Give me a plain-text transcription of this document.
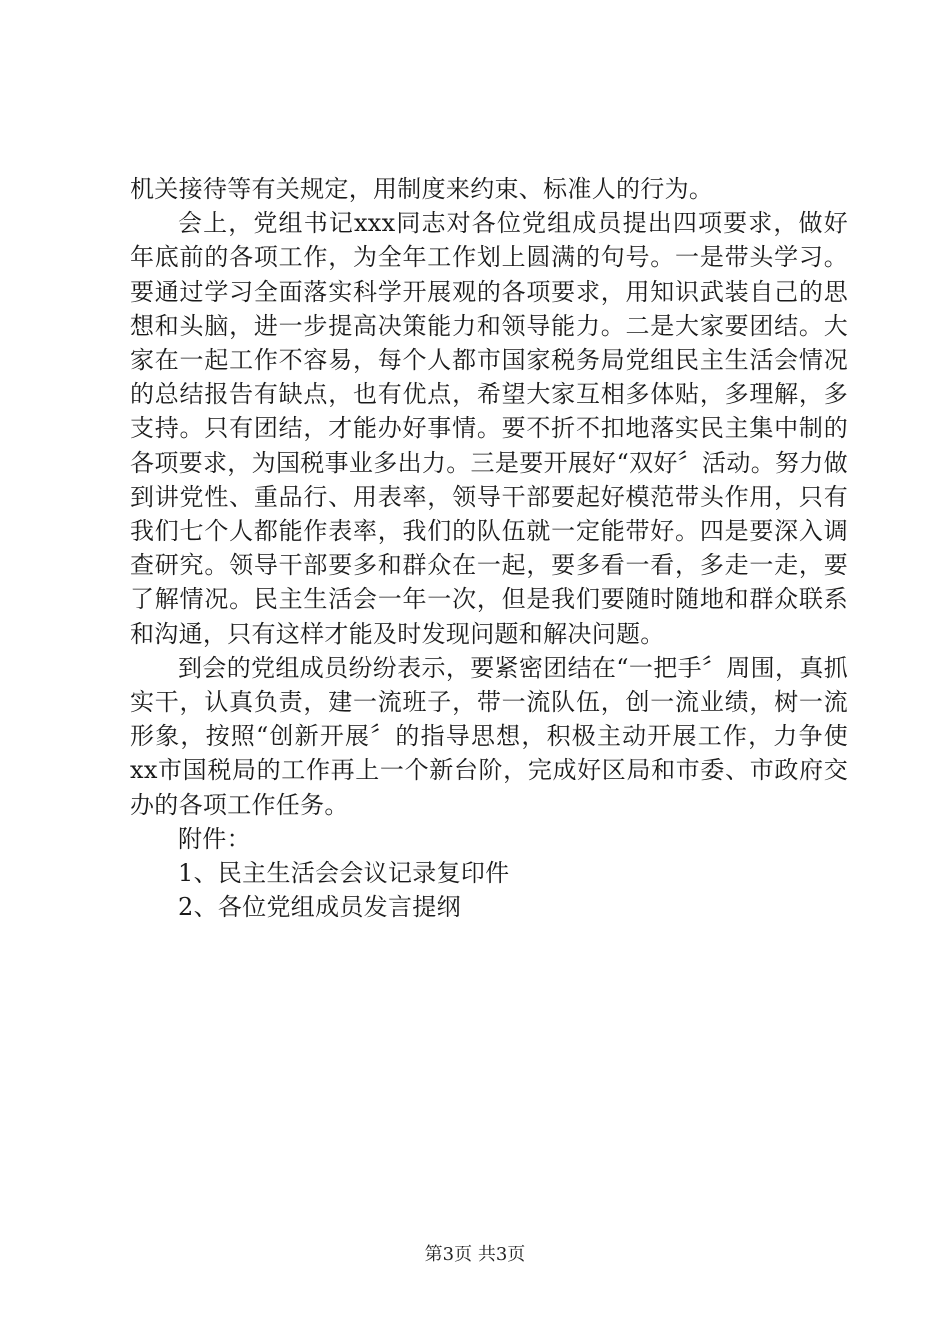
机关接待等有关规定，用制度来约束、标准人的行为。

会上，党组书记xxx同志对各位党组成员提出四项要求，做好年底前的各项工作，为全年工作划上圆满的句号。一是带头学习。要通过学习全面落实科学开展观的各项要求，用知识武装自己的思想和头脑，进一步提高决策能力和领导能力。二是大家要团结。大家在一起工作不容易，每个人都市国家税务局党组民主生活会情况的总结报告有缺点，也有优点，希望大家互相多体贴，多理解，多支持。只有团结，才能办好事情。要不折不扣地落实民主集中制的各项要求，为国税事业多出力。三是要开展好“双好〞活动。努力做到讲党性、重品行、用表率，领导干部要起好模范带头作用，只有我们七个人都能作表率，我们的队伍就一定能带好。四是要深入调查研究。领导干部要多和群众在一起，要多看一看，多走一走，要了解情况。民主生活会一年一次，但是我们要随时随地和群众联系和沟通，只有这样才能及时发现问题和解决问题。

到会的党组成员纷纷表示，要紧密团结在“一把手〞周围，真抓实干，认真负责，建一流班子，带一流队伍，创一流业绩，树一流形象，按照“创新开展〞的指导思想，积极主动开展工作，力争使xx市国税局的工作再上一个新台阶，完成好区局和市委、市政府交办的各项工作任务。

附件：

1、民主生活会会议记录复印件

2、各位党组成员发言提纲

第3页 共3页
